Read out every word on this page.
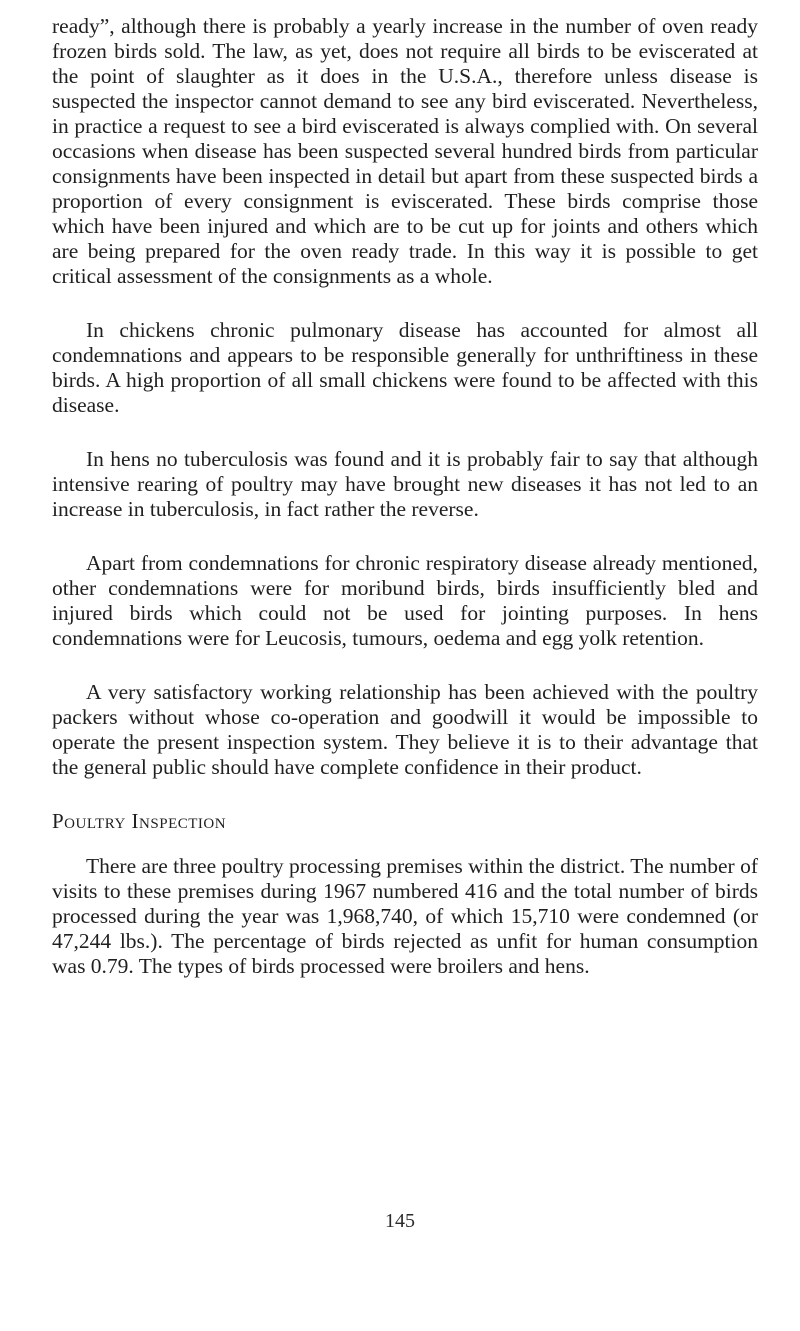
ready”, although there is probably a yearly increase in the number of oven ready frozen birds sold. The law, as yet, does not require all birds to be eviscerated at the point of slaughter as it does in the U.S.A., therefore unless disease is suspected the inspector cannot demand to see any bird eviscerated. Nevertheless, in practice a request to see a bird eviscerated is always complied with. On several occasions when disease has been suspected several hundred birds from particular consignments have been inspected in detail but apart from these suspected birds a proportion of every consignment is eviscerated. These birds comprise those which have been injured and which are to be cut up for joints and others which are being prepared for the oven ready trade. In this way it is possible to get critical assessment of the consignments as a whole.

In chickens chronic pulmonary disease has accounted for almost all condemnations and appears to be responsible generally for unthriftiness in these birds. A high proportion of all small chickens were found to be affected with this disease.

In hens no tuberculosis was found and it is probably fair to say that although intensive rearing of poultry may have brought new diseases it has not led to an increase in tuberculosis, in fact rather the reverse.

Apart from condemnations for chronic respiratory disease already mentioned, other condemnations were for moribund birds, birds insufficiently bled and injured birds which could not be used for jointing purposes. In hens condemnations were for Leucosis, tumours, oedema and egg yolk retention.

A very satisfactory working relationship has been achieved with the poultry packers without whose co-operation and goodwill it would be impossible to operate the present inspection system. They believe it is to their advantage that the general public should have complete confidence in their product.

Poultry Inspection

There are three poultry processing premises within the district. The number of visits to these premises during 1967 numbered 416 and the total number of birds processed during the year was 1,968,740, of which 15,710 were condemned (or 47,244 lbs.). The percentage of birds rejected as unfit for human consumption was 0.79. The types of birds processed were broilers and hens.

145
